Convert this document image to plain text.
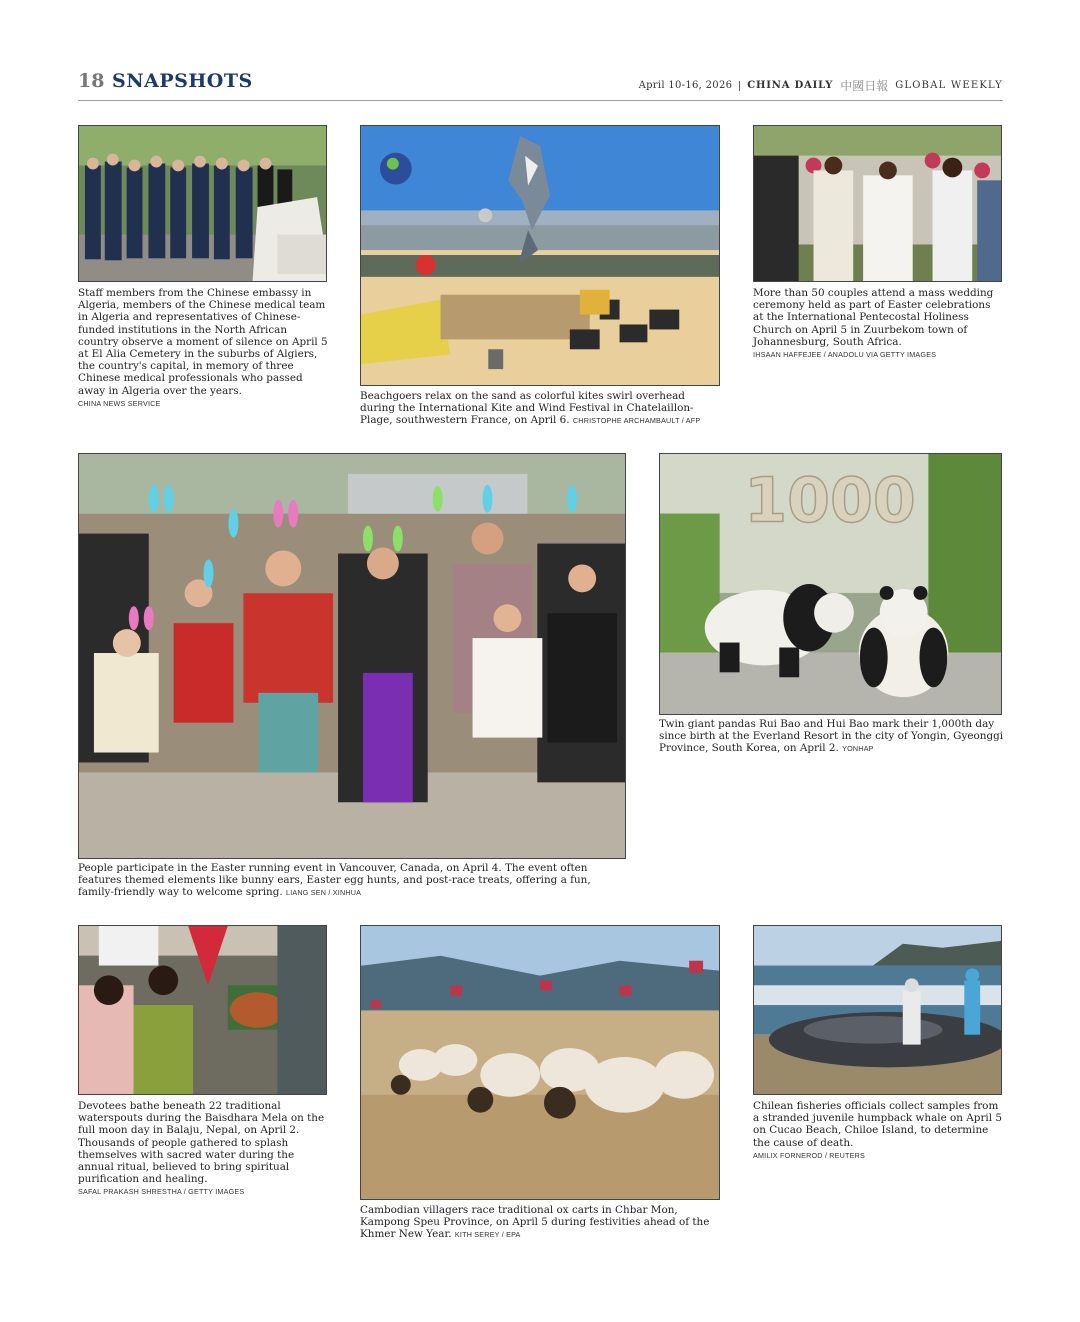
18 SNAPSHOTS	April 10-16, 2026 CHINA DAILY 中國日報 GLOBAL WEEKLY
Staff members from the Chinese embassy in Algeria, members of the Chinese medical team in Algeria and representatives of Chinese-funded institutions in the North African country observe a moment of silence on April 5 at El Alia Cemetery in the suburbs of Algiers, the country's capital, in memory of three Chinese medical professionals who passed away in Algeria over the years.
CHINA NEWS SERVICE
Beachgoers relax on the sand as colorful kites swirl overhead during the International Kite and Wind Festival in Chatelaillon-Plage, southwestern France, on April 6. CHRISTOPHE ARCHAMBAULT / AFP
More than 50 couples attend a mass wedding ceremony held as part of Easter celebrations at the International Pentecostal Holiness Church on April 5 in Zuurbekom town of Johannesburg, South Africa.
IHSAAN HAFFEJEE / ANADOLU VIA GETTY IMAGES
People participate in the Easter running event in Vancouver, Canada, on April 4. The event often features themed elements like bunny ears, Easter egg hunts, and post-race treats, offering a fun, family-friendly way to welcome spring. LIANG SEN / XINHUA
1000
Twin giant pandas Rui Bao and Hui Bao mark their 1,000th day since birth at the Everland Resort in the city of Yongin, Gyeonggi Province, South Korea, on April 2. YONHAP
Devotees bathe beneath 22 traditional waterspouts during the Baisdhara Mela on the full moon day in Balaju, Nepal, on April 2. Thousands of people gathered to splash themselves with sacred water during the annual ritual, believed to bring spiritual purification and healing.
SAFAL PRAKASH SHRESTHA / GETTY IMAGES
Cambodian villagers race traditional ox carts in Chbar Mon, Kampong Speu Province, on April 5 during festivities ahead of the Khmer New Year. KITH SEREY / EPA
Chilean fisheries officials collect samples from a stranded juvenile humpback whale on April 5 on Cucao Beach, Chiloe Island, to determine the cause of death.
AMILIX FORNEROD / REUTERS
